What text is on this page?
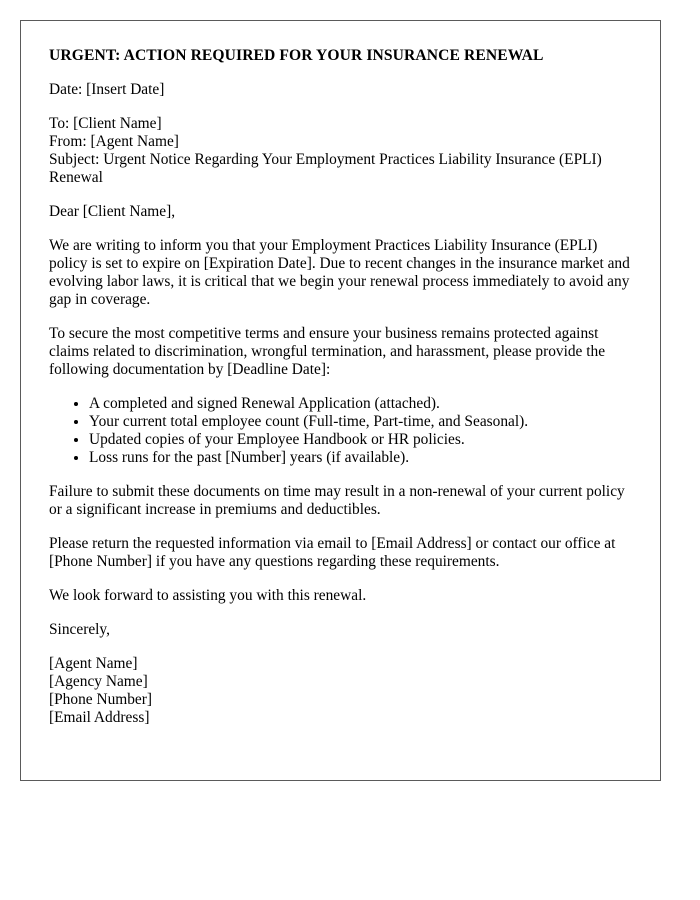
URGENT: ACTION REQUIRED FOR YOUR INSURANCE RENEWAL

Date: [Insert Date]

To: [Client Name]
From: [Agent Name]
Subject: Urgent Notice Regarding Your Employment Practices Liability Insurance (EPLI) Renewal

Dear [Client Name],

We are writing to inform you that your Employment Practices Liability Insurance (EPLI) policy is set to expire on [Expiration Date]. Due to recent changes in the insurance market and evolving labor laws, it is critical that we begin your renewal process immediately to avoid any gap in coverage.

To secure the most competitive terms and ensure your business remains protected against claims related to discrimination, wrongful termination, and harassment, please provide the following documentation by [Deadline Date]:

• A completed and signed Renewal Application (attached).
• Your current total employee count (Full-time, Part-time, and Seasonal).
• Updated copies of your Employee Handbook or HR policies.
• Loss runs for the past [Number] years (if available).

Failure to submit these documents on time may result in a non-renewal of your current policy or a significant increase in premiums and deductibles.

Please return the requested information via email to [Email Address] or contact our office at [Phone Number] if you have any questions regarding these requirements.

We look forward to assisting you with this renewal.

Sincerely,

[Agent Name]
[Agency Name]
[Phone Number]
[Email Address]
